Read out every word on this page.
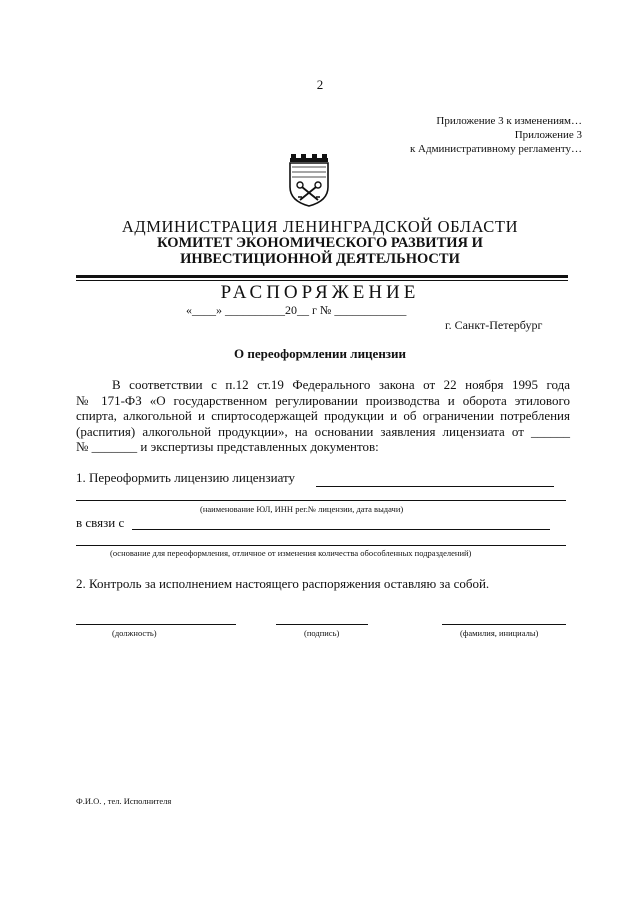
2
Приложение 3 к изменениям…
Приложение 3
к Административному регламенту…
АДМИНИСТРАЦИЯ ЛЕНИНГРАДСКОЙ ОБЛАСТИ
КОМИТЕТ ЭКОНОМИЧЕСКОГО РАЗВИТИЯ И
ИНВЕСТИЦИОННОЙ ДЕЯТЕЛЬНОСТИ
РАСПОРЯЖЕНИЕ
«____» __________20__ г № ____________
г. Санкт-Петербург
О переоформлении лицензии
В соответствии с п.12 ст.19 Федерального закона от 22 ноября 1995 года
№ 171-ФЗ «О государственном регулировании производства и оборота этилового
спирта, алкогольной и спиртосодержащей продукции и об ограничении потребления
(распития) алкогольной продукции», на основании заявления лицензиата от ______
№ _______ и экспертизы представленных документов:
1. Переоформить лицензию лицензиату
(наименование ЮЛ, ИНН рег.№ лицензии, дата выдачи)
в связи с
(основание для переоформления, отличное от изменения количества обособленных подразделений)
2. Контроль за исполнением настоящего распоряжения оставляю за собой.
(должность)	(подпись)	(фамилия, инициалы)
Ф.И.О. , тел. Исполнителя
